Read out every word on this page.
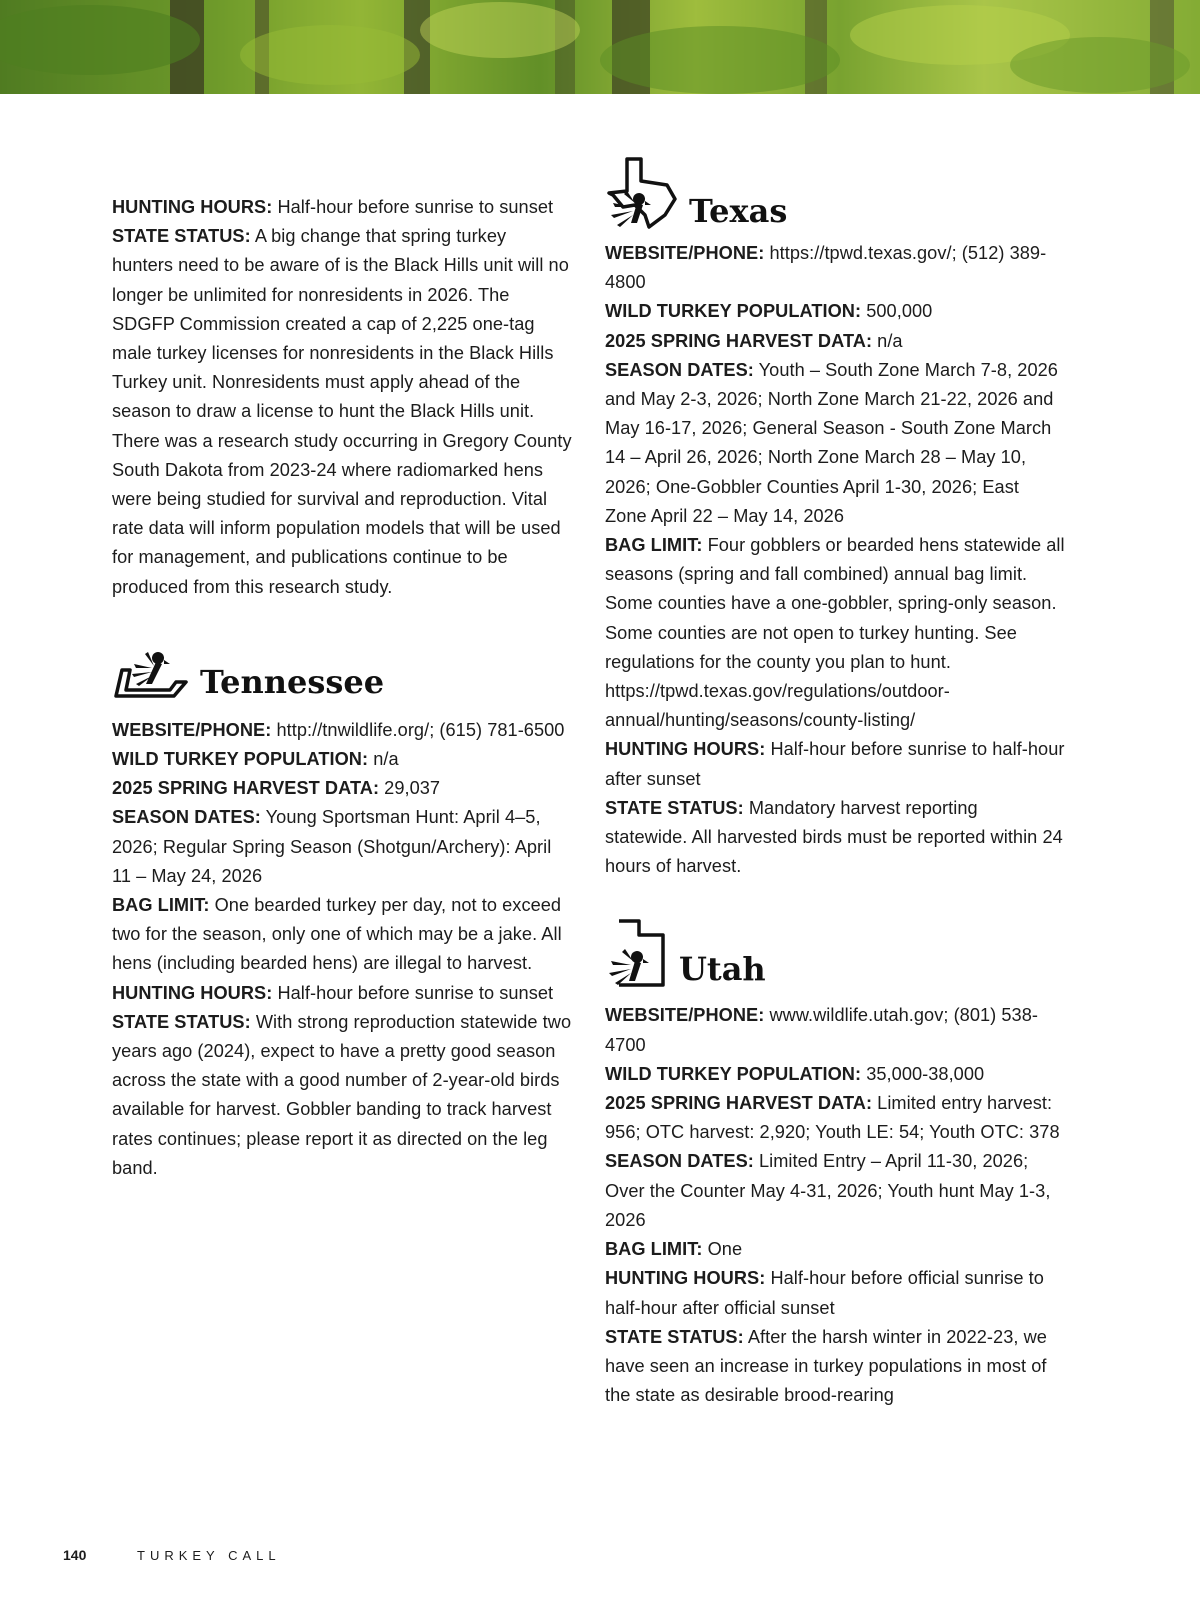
HUNTING HOURS: Half-hour before sunrise to sunset

STATE STATUS: A big change that spring turkey hunters need to be aware of is the Black Hills unit will no longer be unlimited for nonresidents in 2026. The SDGFP Commission created a cap of 2,225 one-tag male turkey licenses for nonresidents in the Black Hills Turkey unit. Nonresidents must apply ahead of the season to draw a license to hunt the Black Hills unit. There was a research study occurring in Gregory County South Dakota from 2023-24 where radiomarked hens were being studied for survival and reproduction. Vital rate data will inform population models that will be used for management, and publications continue to be produced from this research study.

Tennessee

WEBSITE/PHONE: http://tnwildlife.org/; (615) 781-6500

WILD TURKEY POPULATION: n/a

2025 SPRING HARVEST DATA: 29,037

SEASON DATES: Young Sportsman Hunt: April 4–5, 2026; Regular Spring Season (Shotgun/Archery): April 11 – May 24, 2026

BAG LIMIT: One bearded turkey per day, not to exceed two for the season, only one of which may be a jake. All hens (including bearded hens) are illegal to harvest.

HUNTING HOURS: Half-hour before sunrise to sunset

STATE STATUS: With strong reproduction statewide two years ago (2024), expect to have a pretty good season across the state with a good number of 2-year-old birds available for harvest. Gobbler banding to track harvest rates continues; please report it as directed on the leg band.

Texas

WEBSITE/PHONE: https://tpwd.texas.gov/; (512) 389-4800

WILD TURKEY POPULATION: 500,000

2025 SPRING HARVEST DATA: n/a

SEASON DATES: Youth – South Zone March 7-8, 2026 and May 2-3, 2026; North Zone March 21-22, 2026 and May 16-17, 2026; General Season - South Zone March 14 – April 26, 2026; North Zone March 28 – May 10, 2026; One-Gobbler Counties April 1-30, 2026; East Zone April 22 – May 14, 2026

BAG LIMIT: Four gobblers or bearded hens statewide all seasons (spring and fall combined) annual bag limit. Some counties have a one-gobbler, spring-only season. Some counties are not open to turkey hunting. See regulations for the county you plan to hunt. https://tpwd.texas.gov/regulations/outdoor-annual/hunting/seasons/county-listing/

HUNTING HOURS: Half-hour before sunrise to half-hour after sunset

STATE STATUS: Mandatory harvest reporting statewide. All harvested birds must be reported within 24 hours of harvest.

Utah

WEBSITE/PHONE: www.wildlife.utah.gov; (801) 538-4700

WILD TURKEY POPULATION: 35,000-38,000

2025 SPRING HARVEST DATA: Limited entry harvest: 956; OTC harvest: 2,920; Youth LE: 54; Youth OTC: 378

SEASON DATES: Limited Entry – April 11-30, 2026; Over the Counter May 4-31, 2026; Youth hunt May 1-3, 2026

BAG LIMIT: One

HUNTING HOURS: Half-hour before official sunrise to half-hour after official sunset

STATE STATUS: After the harsh winter in 2022-23, we have seen an increase in turkey populations in most of the state as desirable brood-rearing

140	TURKEY CALL
